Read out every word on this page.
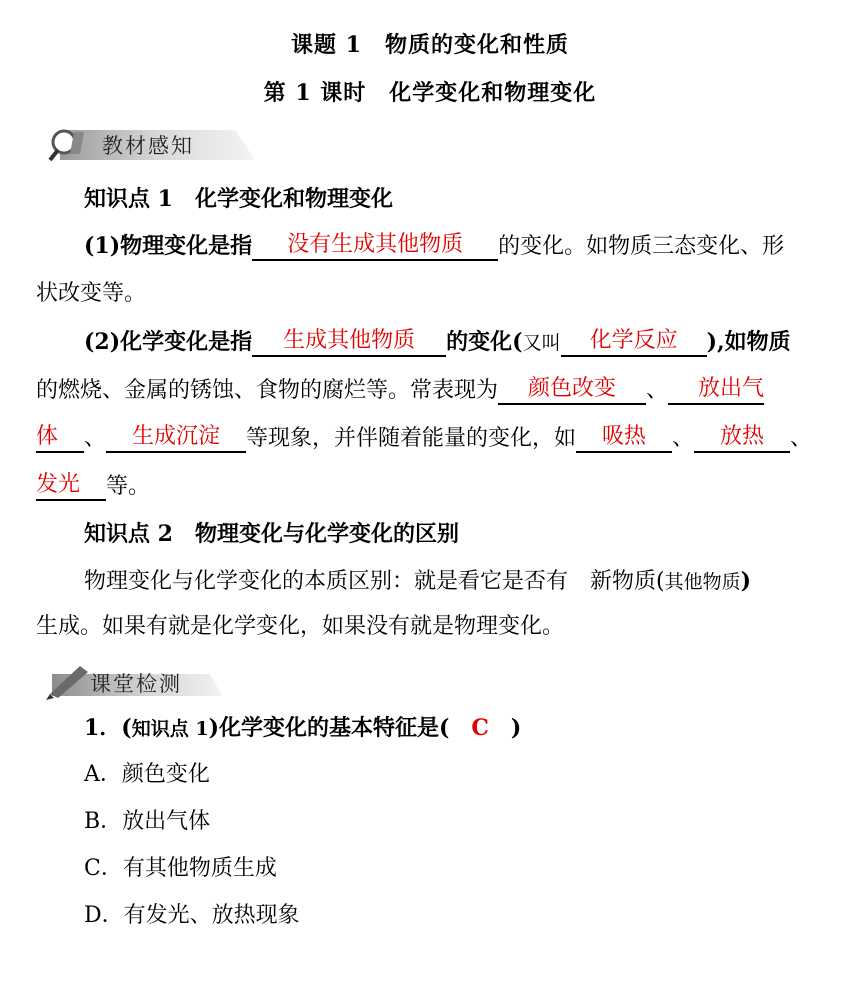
课题 1　物质的变化和性质
第 1 课时　化学变化和物理变化
教材感知
知识点 1　化学变化和物理变化
(1)物理变化是指 没有生成其他物质 的变化。如物质三态变化、形
状改变等。
(2)化学变化是指 生成其他物质 的变化(又叫 化学反应 ),如物质
的燃烧、金属的锈蚀、食物的腐烂等。常表现为 颜色改变 、 放出气
体 、 生成沉淀 等现象，并伴随着能量的变化，如 吸热 、 放热 、
发光 等。
知识点 2　物理变化与化学变化的区别
物理变化与化学变化的本质区别：就是看它是否有　新物质(其他物质)
生成。如果有就是化学变化，如果没有就是物理变化。
课堂检测
1．(知识点 1)化学变化的基本特征是(　C　)
A．颜色变化
B．放出气体
C．有其他物质生成
D．有发光、放热现象
